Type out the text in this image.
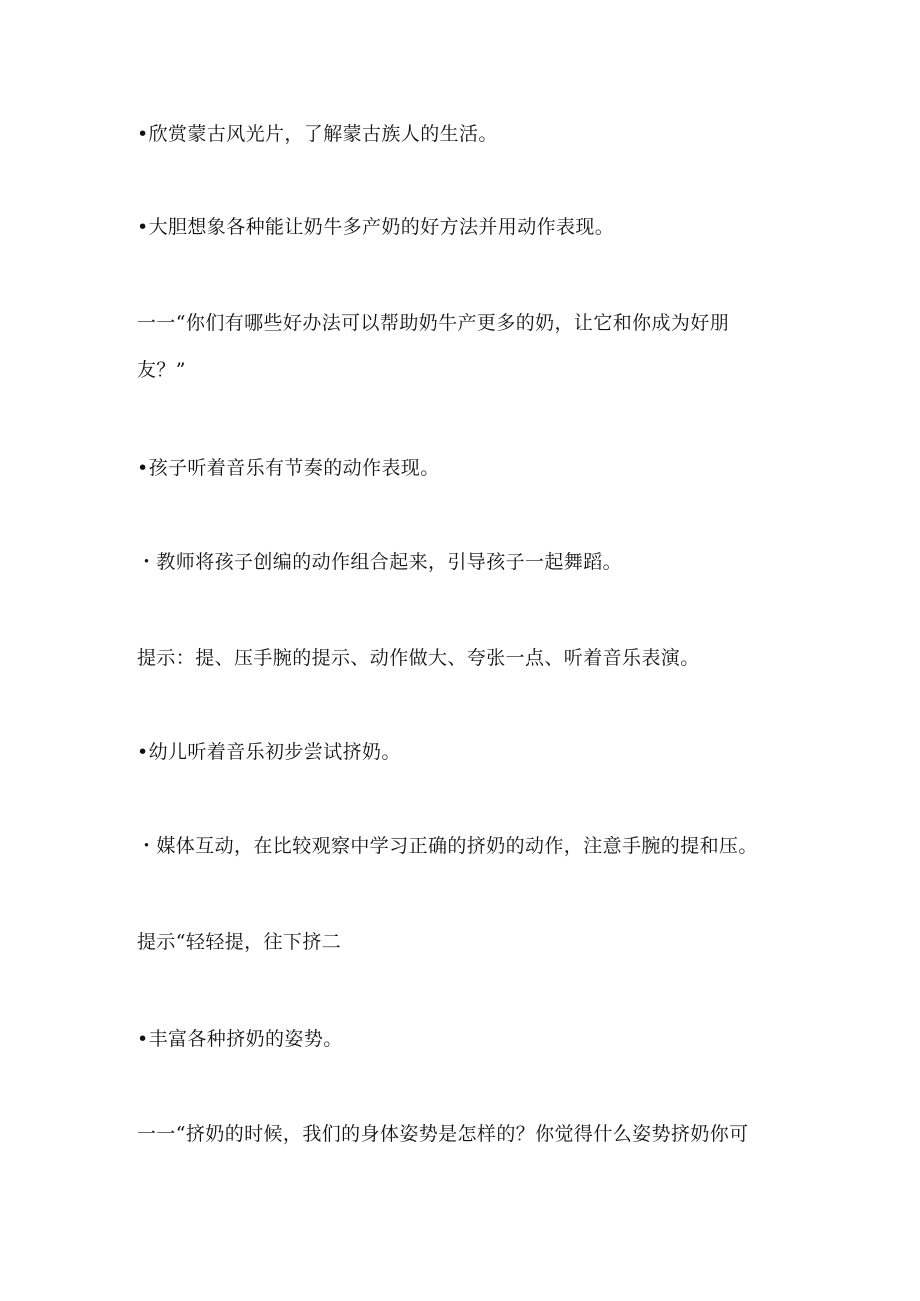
•欣赏蒙古风光片，了解蒙古族人的生活。
•大胆想象各种能让奶牛多产奶的好方法并用动作表现。
一一“你们有哪些好办法可以帮助奶牛产更多的奶，让它和你成为好朋
友？”
•孩子听着音乐有节奏的动作表现。
・教师将孩子创编的动作组合起来，引导孩子一起舞蹈。
提示：提、压手腕的提示、动作做大、夸张一点、听着音乐表演。
•幼儿听着音乐初步尝试挤奶。
・媒体互动，在比较观察中学习正确的挤奶的动作，注意手腕的提和压。
提示“轻轻提，往下挤二
•丰富各种挤奶的姿势。
一一“挤奶的时候，我们的身体姿势是怎样的？你觉得什么姿势挤奶你可
